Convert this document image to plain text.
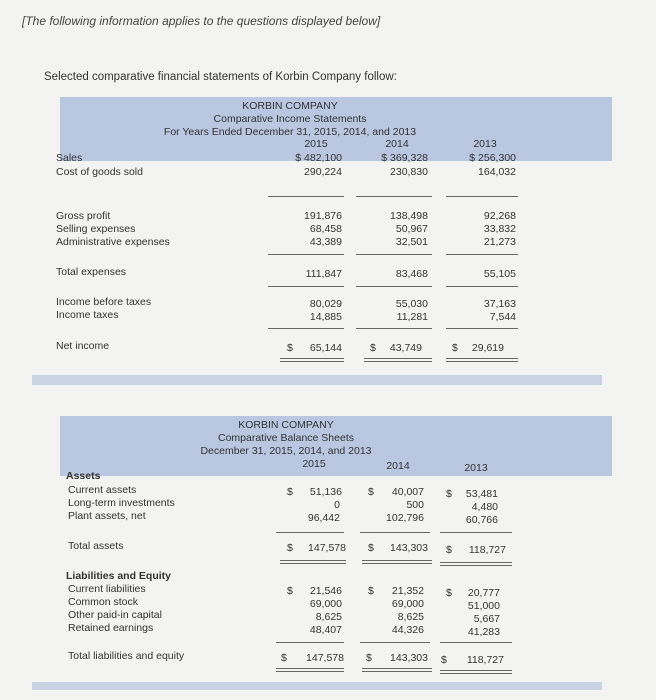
[The following information applies to the questions displayed below]
Selected comparative financial statements of Korbin Company follow:
KORBIN COMPANY
Comparative Income Statements
For Years Ended December 31, 2015, 2014, and 2013
2015	2014	2013
Sales	$ 482,100	$ 369,328	$ 256,300
Cost of goods sold	290,224	230,830	164,032
Gross profit	191,876	138,498	92,268
Selling expenses	68,458	50,967	33,832
Administrative expenses	43,389	32,501	21,273
Total expenses	111,847	83,468	55,105
Income before taxes	80,029	55,030	37,163
Income taxes	14,885	11,281	7,544
Net income	$	65,144	$	43,749	$	29,619
KORBIN COMPANY
Comparative Balance Sheets
December 31, 2015, 2014, and 2013
2015	2014	2013
Assets
Current assets	$	51,136 $	40,007 $	53,481
Long-term investments	0	500	4,480
Plant assets, net	96,442	102,796	60,766
Total assets	$	147,578 $	143,303 $	118,727
Liabilities and Equity
Current liabilities	$	21,546 $	21,352 $	20,777
Common stock	69,000	69,000	51,000
Other paid-in capital	8,625	8,625	5,667
Retained earnings	48,407	44,326	41,283
Total liabilities and equity	$	147,578 $	143,303 $	118,727
